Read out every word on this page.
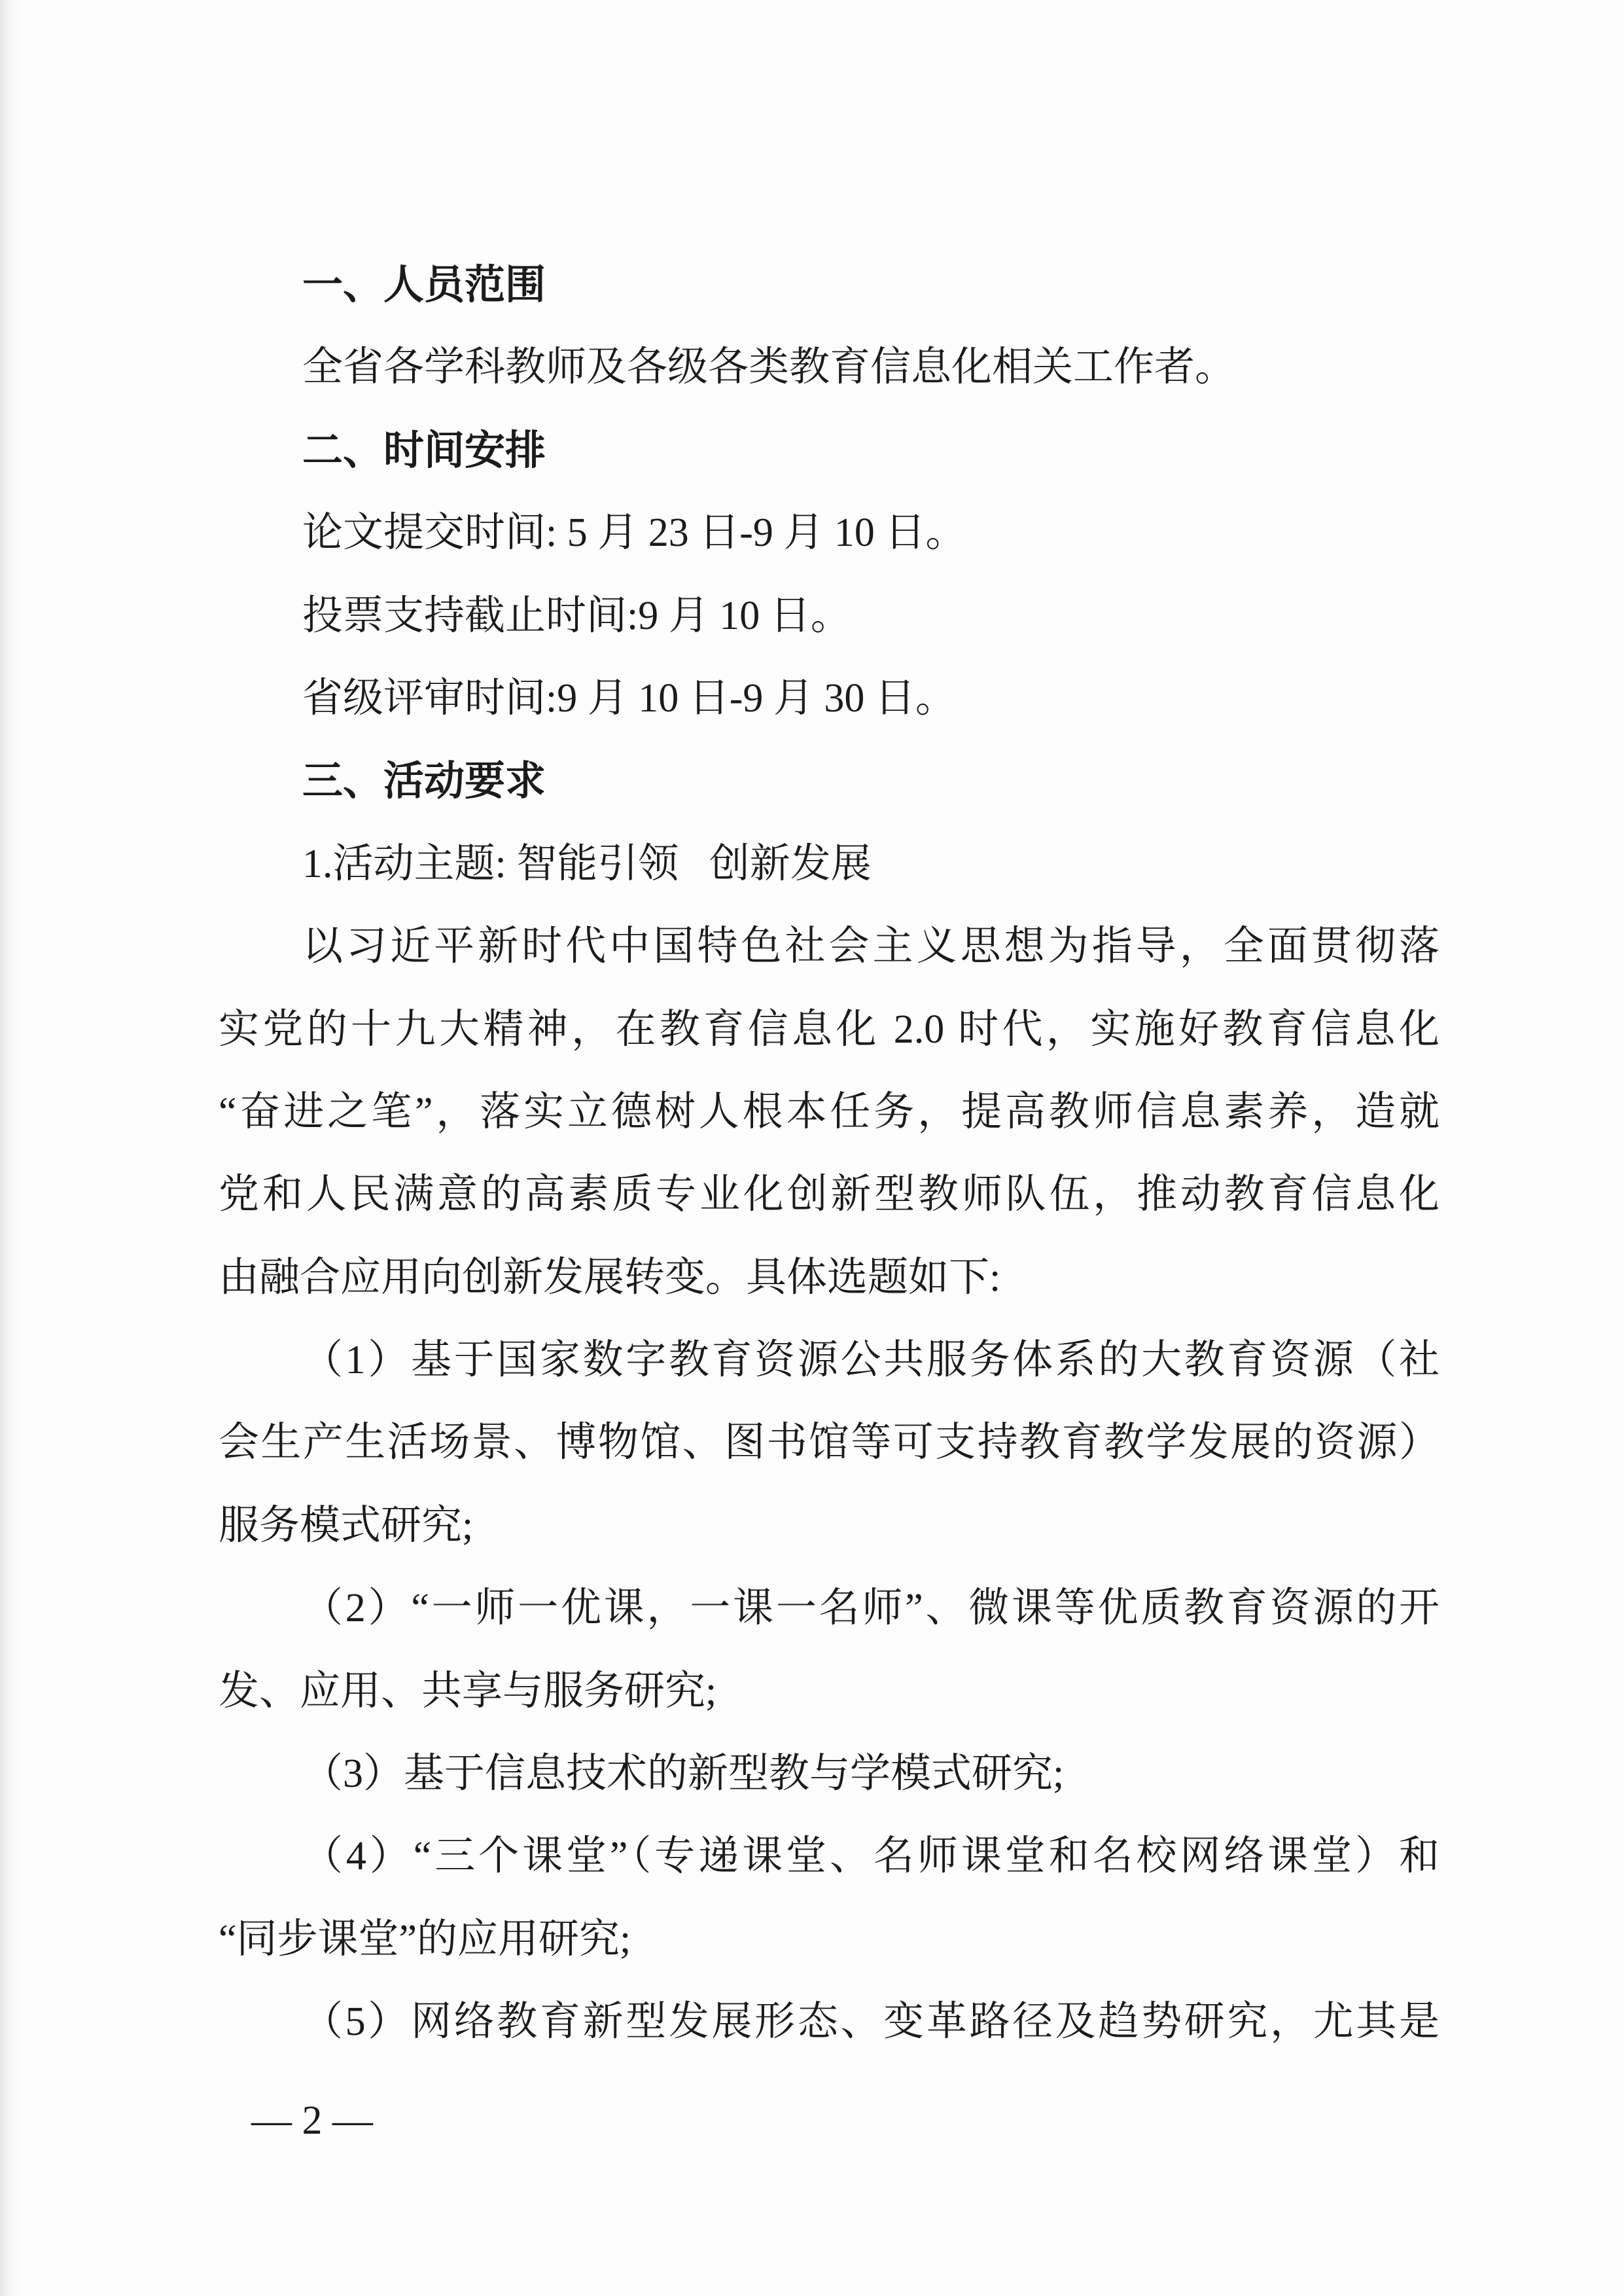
一、人员范围
全省各学科教师及各级各类教育信息化相关工作者。
二、时间安排
论文提交时间: 5 月 23 日-9 月 10 日。
投票支持截止时间:9 月 10 日。
省级评审时间:9 月 10 日-9 月 30 日。
三、活动要求
1.活动主题: 智能引领   创新发展
以习近平新时代中国特色社会主义思想为指导，全面贯彻落
实党的十九大精神，在教育信息化 2.0 时代，实施好教育信息化
“奋进之笔”，落实立德树人根本任务，提高教师信息素养，造就
党和人民满意的高素质专业化创新型教师队伍，推动教育信息化
由融合应用向创新发展转变。具体选题如下:
（1）基于国家数字教育资源公共服务体系的大教育资源（社
会生产生活场景、博物馆、图书馆等可支持教育教学发展的资源）
服务模式研究;
（2）“一师一优课，一课一名师”、微课等优质教育资源的开
发、应用、共享与服务研究;
（3）基于信息技术的新型教与学模式研究;
（4）“三个课堂”（专递课堂、名师课堂和名校网络课堂）和
“同步课堂”的应用研究;
（5）网络教育新型发展形态、变革路径及趋势研究，尤其是
— 2 —
